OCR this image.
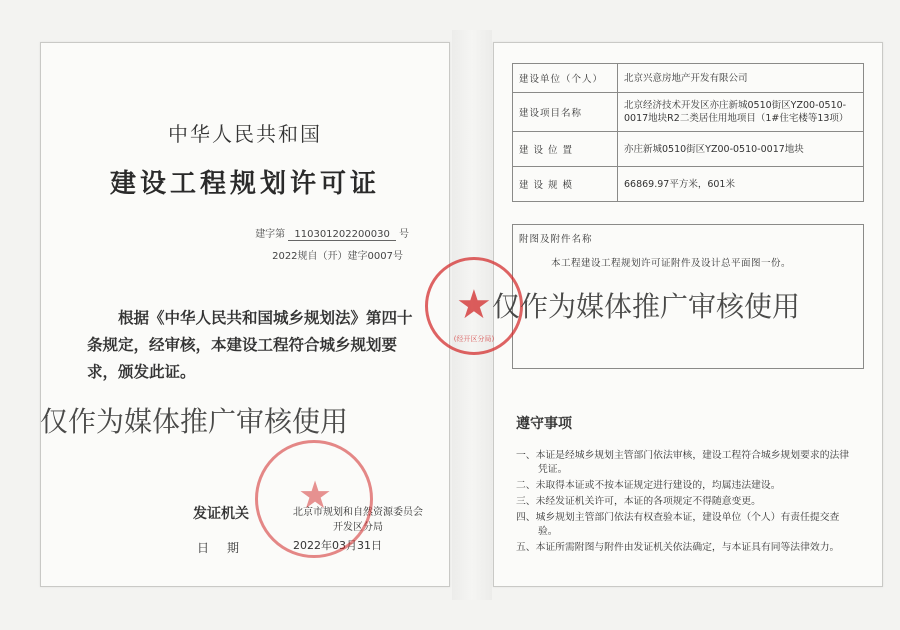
中华人民共和国
建设工程规划许可证
建字第 110301202200030 号
2022规自（开）建字0007号
根据《中华人民共和国城乡规划法》第四十条规定，经审核，本建设工程符合城乡规划要求，颁发此证。
发证机关	北京市规划和自然资源委员会
开发区分局
日期	2022年03月31日
建设单位（个人）	北京兴意房地产开发有限公司
建设项目名称	北京经济技术开发区亦庄新城0510街区YZ00-0510-0017地块R2二类居住用地项目（1#住宅楼等13项）
建 设 位 置	亦庄新城0510街区YZ00-0510-0017地块
建 设 规 模	66869.97平方米，601米
附图及附件名称
本工程建设工程规划许可证附件及设计总平面图一份。
遵守事项
一、本证是经城乡规划主管部门依法审核，建设工程符合城乡规划要求的法律凭证。
二、未取得本证或不按本证规定进行建设的，均属违法建设。
三、未经发证机关许可，本证的各项规定不得随意变更。
四、城乡规划主管部门依法有权查验本证，建设单位（个人）有责任提交查验。
五、本证所需附图与附件由发证机关依法确定，与本证具有同等法律效力。
★
(经开区分局)
★
仅作为媒体推广审核使用
仅作为媒体推广审核使用
